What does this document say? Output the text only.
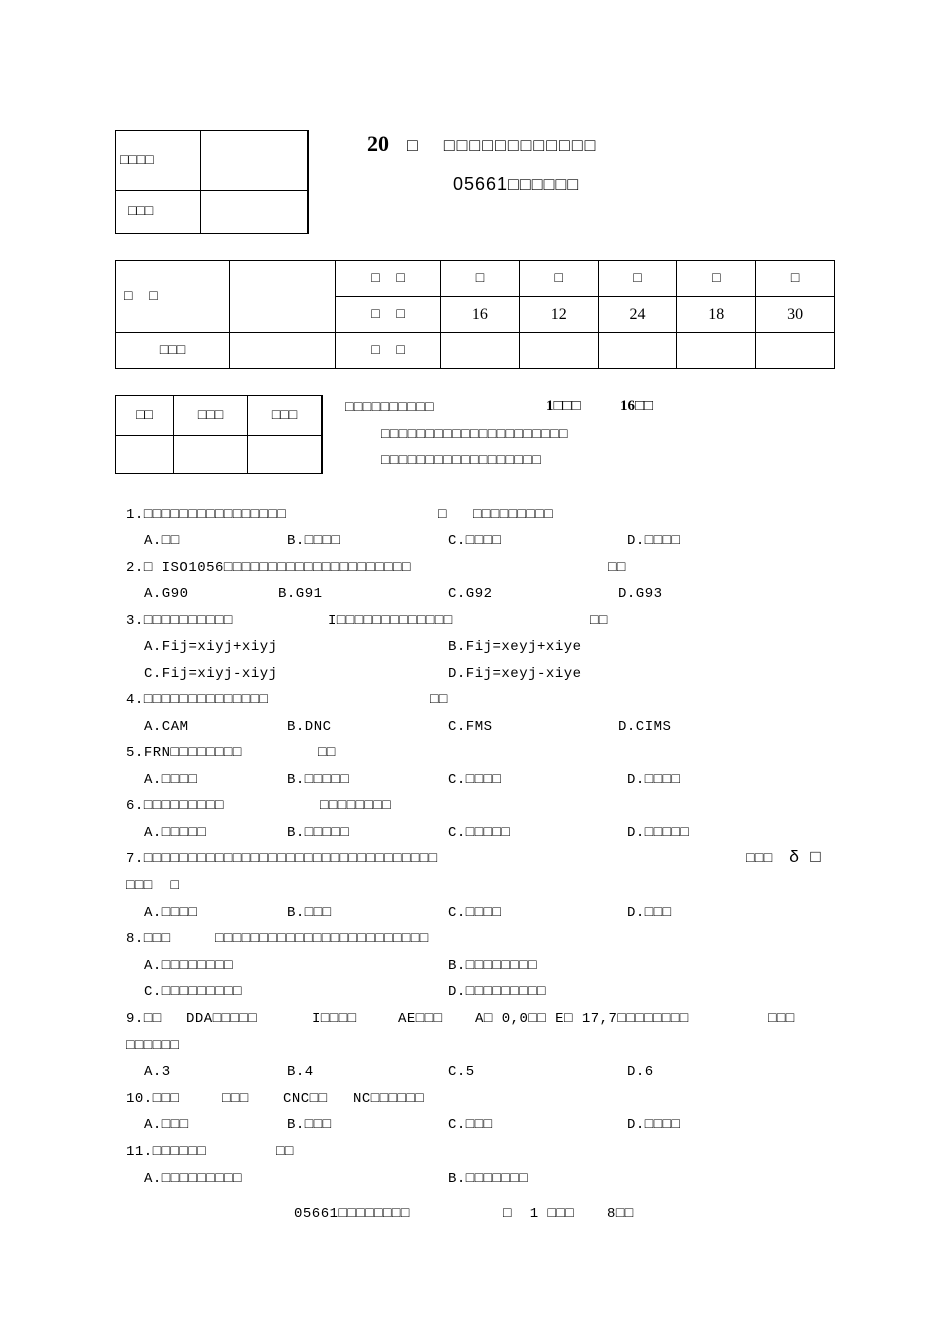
□□□□	
□□□	
20 □ □□□□□□□□□□□□
05661□□□□□□
□  □		□  □	□	□	□	□	□
		□  □	16	12	24	18	30
□□□		□  □					
□□	□□□	□□□
			□□□□□□□□□□	1□□□	16□□
□□□□□□□□□□□□□□□□□□□□□
□□□□□□□□□□□□□□□□□□
1.□□□□□□□□□□□□□□□□	□ □□□□□□□□□
A.□□	B.□□□□	C.□□□□	D.□□□□
2.□ ISO1056□□□□□□□□□□□□□□□□□□□□□	□□
A.G90	B.G91	C.G92	D.G93
3.□□□□□□□□□□	I□□□□□□□□□□□□□	□□
A.Fij=xiyj+xiyj	B.Fij=xeyj+xiye
C.Fij=xiyj-xiyj	D.Fij=xeyj-xiye
4.□□□□□□□□□□□□□□	□□
A.CAM	B.DNC	C.FMS	D.CIMS
5.FRN□□□□□□□□	□□
A.□□□□	B.□□□□□	C.□□□□	D.□□□□
6.□□□□□□□□□	□□□□□□□□
A.□□□□□	B.□□□□□	C.□□□□□	D.□□□□□
7.□□□□□□□□□□□□□□□□□□□□□□□□□□□□□□□□□	□□□ δ □
□□□  □
A.□□□□	B.□□□	C.□□□□	D.□□□
8.□□□	□□□□□□□□□□□□□□□□□□□□□□□□
A.□□□□□□□□	B.□□□□□□□□
C.□□□□□□□□□	D.□□□□□□□□□
9.□□ DDA□□□□□	I□□□□	AE□□□ A□ 0,0□□ E□ 17,7□□□□□□□□	□□□
□□□□□□
A.3	B.4	C.5	D.6
10.□□□	□□□ CNC□□ NC□□□□□□
A.□□□	B.□□□	C.□□□	D.□□□□
11.□□□□□□	□□
A.□□□□□□□□□	B.□□□□□□□
05661□□□□□□□□	□  1 □□□ 8□□
